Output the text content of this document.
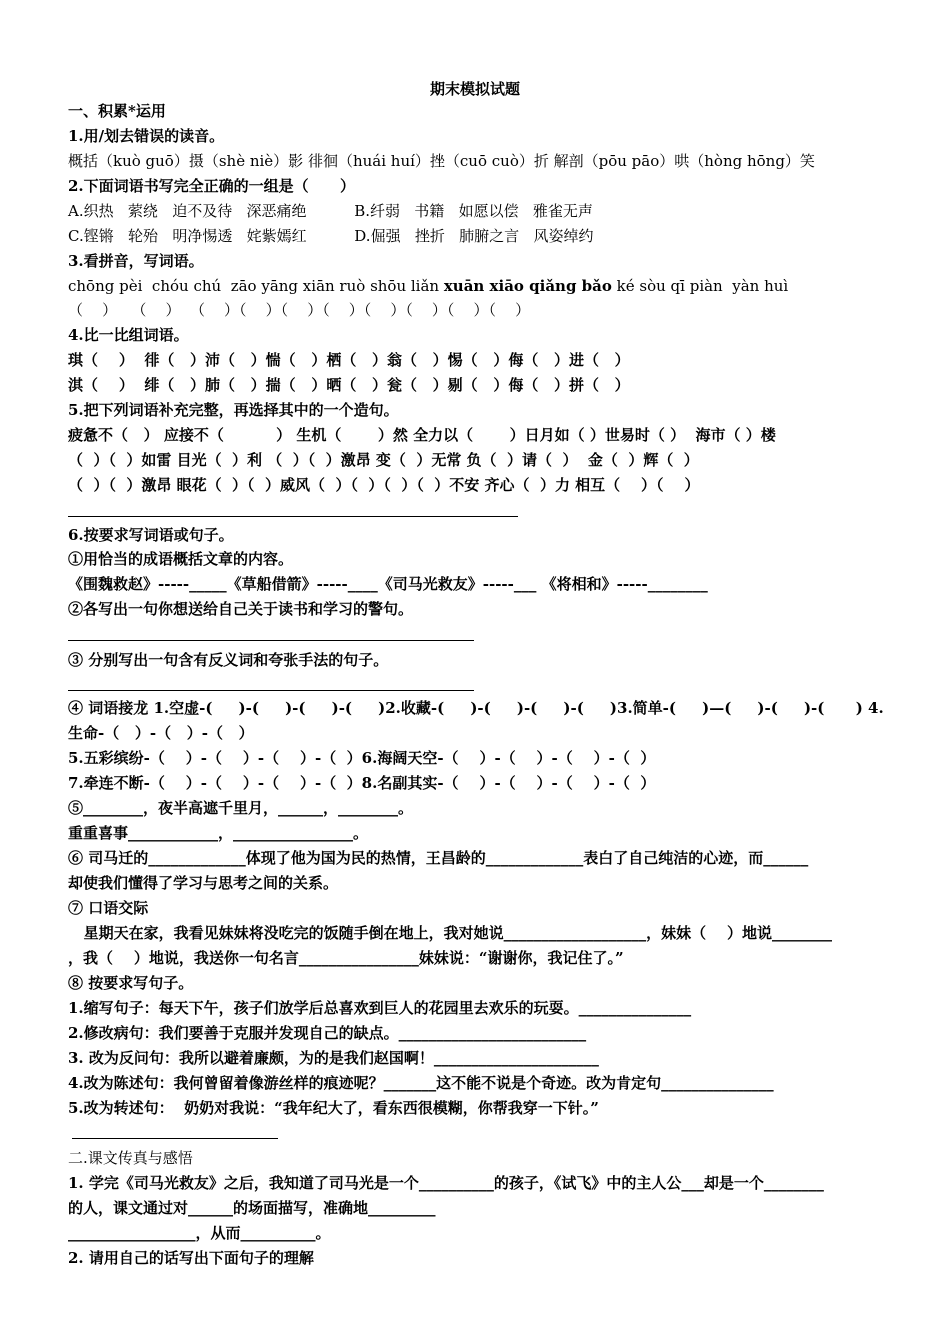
期末模拟试题
一、积累*运用
1.用/划去错误的读音。
概括（kuò guō）摄（shè niè）影 徘徊（huái huí）挫（cuō cuò）折 解剖（pōu pāo）哄（hòng hōng）笑
2.下面词语书写完全正确的一组是（      ）
A.织热   萦绕   迫不及待   深恶痛绝          B.纤弱   书籍   如愿以偿   雅雀无声
C.铿锵   轮殆   明净惕透   姹紫嫣红          D.倔强   挫折   肺腑之言   风姿绰约
3.看拼音，写词语。
chōng pèi  chóu chú  zāo yāng xiān ruò shōu liǎn xuān xiāo qiǎng bǎo ké sòu qī piàn  yàn huì
（    ）   （    ）  （    ）（    ）（    ）（    ）（    ）（    ）（    ）（    ）
4.比一比组词语。
琪（    ）  徘（   ）沛（   ）惴（   ）栖（   ）翁（   ）惕（   ）侮（   ）进（   ）
淇（    ）  绯（   ）肺（   ）揣（   ）晒（   ）瓮（   ）剔（   ）侮（   ）拼（   ）
5.把下列词语补充完整，再选择其中的一个造句。
疲惫不（   ） 应接不（          ） 生机（       ）然 全力以（       ）日月如（ ）世易时（ ）  海市（ ）楼
（  ）（  ）如雷 目光（  ）利 （  ）（  ）激昂 变（  ）无常 负（  ）请（  ）  金（  ）辉（  ）
（  ）（  ）激昂 眼花（  ）（  ）威风（  ）（  ）（  ）（  ）不安 齐心（  ）力 相互（    ）（    ）
6.按要求写词语或句子。
①用恰当的成语概括文章的内容。
《围魏救赵》-----_____《草船借箭》-----____《司马光救友》-----___ 《将相和》-----________
②各写出一句你想送给自己关于读书和学习的警句。
③ 分别写出一句含有反义词和夸张手法的句子。
④ 词语接龙 1.空虚-(     )-(     )-(     )-(     )2.收藏-(     )-(     )-(     )-(     )3.简单-(     )—(     )-(     )-(      ) 4.
生命-（   ）-（   ）-（   ）
5.五彩缤纷-（    ）-（    ）-（    ）-（  ）6.海阔天空-（    ）-（    ）-（    ）-（  ）
7.牵连不断-（    ）-（    ）-（    ）-（  ）8.名副其实-（    ）-（    ）-（    ）-（  ）
⑤________，夜半高遮千里月，______，________。
重重喜事____________，________________。
⑥ 司马迁的_____________体现了他为国为民的热情，王昌龄的_____________表白了自己纯洁的心迹，而______
却使我们懂得了学习与思考之间的关系。
⑦ 口语交际
星期天在家，我看见妹妹将没吃完的饭随手倒在地上，我对她说___________________，妹妹（    ）地说________
，我（    ）地说，我送你一句名言________________妹妹说：“谢谢你，我记住了。”
⑧ 按要求写句子。
1.缩写句子：每天下午，孩子们放学后总喜欢到巨人的花园里去欢乐的玩耍。_______________
2.修改病句：我们要善于克服并发现自己的缺点。_________________________
3. 改为反问句：我所以避着廉颇，为的是我们赵国啊！______________________
4.改为陈述句：我何曾留着像游丝样的痕迹呢？_______这不能不说是个奇迹。改为肯定句_______________
5.改为转述句：  奶奶对我说：“我年纪大了，看东西很模糊，你帮我穿一下针。”
二.课文传真与感悟
1. 学完《司马光救友》之后，我知道了司马光是一个__________的孩子，《试飞》中的主人公___却是一个________
的人，课文通过对______的场面描写，准确地_________
_________________，从而__________。
2. 请用自己的话写出下面句子的理解
